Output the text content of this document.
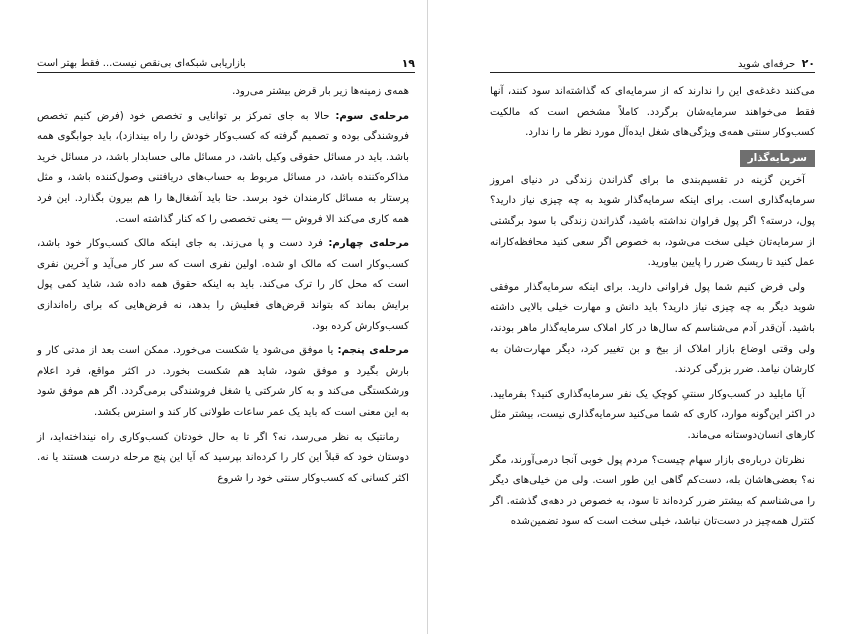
۱۹
بازاریابی شبکه‌ای بی‌نقص نیست... فقط بهتر است

همه‌ی زمینه‌ها زیر بار قرض بیشتر می‌رود.

مرحله‌ی سوم: حالا به جای تمرکز بر توانایی و تخصص خود (فرض کنیم تخصص فروشندگی بوده و تصمیم گرفته که کسب‌وکار خودش را راه بیندازد)، باید جوابگوی همه باشد. باید در مسائل حقوقی وکیل باشد، در مسائل مالی حسابدار باشد، در مسائل خرید مذاکره‌کننده باشد، در مسائل مربوط به حساب‌های دریافتنی وصول‌کننده باشد، و مثل پرستار به مسائل کارمندان خود برسد. حتا باید آشغال‌ها را هم بیرون بگذارد. این فرد همه کاری می‌کند الا فروش — یعنی تخصصی را که کنار گذاشته است.

مرحله‌ی چهارم: فرد دست و پا می‌زند. به جای اینکه مالک کسب‌وکار خود باشد، کسب‌وکار است که مالک او شده. اولین نفری است که سر کار می‌آید و آخرین نفری است که محل کار را ترک می‌کند. باید به اینکه حقوق همه داده شد، شاید کمی پول برایش بماند که بتواند قرض‌های فعلیش را بدهد، نه قرض‌هایی که برای راه‌اندازی کسب‌وکارش کرده بود.

مرحله‌ی پنجم: یا موفق می‌شود یا شکست می‌خورد. ممکن است بعد از مدتی کار و بارش بگیرد و موفق شود، شاید هم شکست بخورد. در اکثر مواقع، فرد اعلام ورشکستگی می‌کند و به کار شرکتی یا شغل فروشندگی برمی‌گردد. اگر هم موفق شود به این معنی است که باید یک عمر ساعات طولانی کار کند و استرس بکشد.

رمانتیک به نظر می‌رسد، نه؟ اگر تا به حال خودتان کسب‌وکاری راه نینداخته‌اید، از دوستان خود که قبلاً این کار را کرده‌اند بپرسید که آیا این پنج مرحله درست هستند یا نه. اکثر کسانی که کسب‌وکار سنتی خود را شروع

۲۰  حرفه‌ای شوید

می‌کنند دغدغه‌ی این را ندارند که از سرمایه‌ای که گذاشته‌اند سود کنند، آنها فقط می‌خواهند سرمایه‌شان برگردد. کاملاً مشخص است که مالکیت کسب‌وکار سنتی همه‌ی ویژگی‌های شغل ایده‌آل مورد نظر ما را ندارد.

سرمایه‌گذار

آخرین گزینه در تقسیم‌بندی ما برای گذراندن زندگی در دنیای امروز سرمایه‌گذاری است. برای اینکه سرمایه‌گذار شوید به چه چیزی نیاز دارید؟ پول، درسته؟ اگر پول فراوان نداشته باشید، گذراندن زندگی با سود برگشتی از سرمایه‌تان خیلی سخت می‌شود، به خصوص اگر سعی کنید محافظه‌کارانه عمل کنید تا ریسک ضرر را پایین بیاورید.

ولی فرض کنیم شما پول فراوانی دارید. برای اینکه سرمایه‌گذار موفقی شوید دیگر به چه چیزی نیاز دارید؟ باید دانش و مهارت خیلی بالایی داشته باشید. آن‌قدر آدم می‌شناسم که سال‌ها در کار املاک سرمایه‌گذار ماهر بودند، ولی وقتی اوضاع بازار املاک از بیخ و بن تغییر کرد، دیگر مهارت‌شان به کارشان نیامد. ضرر بزرگی کردند.

آیا مایلید در کسب‌وکار سنتیِ کوچکِ یک نفر سرمایه‌گذاری کنید؟ بفرمایید. در اکثر این‌گونه موارد، کاری که شما می‌کنید سرمایه‌گذاری نیست، بیشتر مثل کارهای انسان‌دوستانه می‌ماند.

نظرتان درباره‌ی بازار سهام چیست؟ مردم پول خوبی آنجا درمی‌آورند، مگر نه؟ بعضی‌هاشان بله، دست‌کم گاهی این طور است. ولی من خیلی‌های دیگر را می‌شناسم که بیشتر ضرر کرده‌اند تا سود، به خصوص در دهه‌ی گذشته. اگر کنترل همه‌چیز در دست‌تان نباشد، خیلی سخت است که سود تضمین‌شده
